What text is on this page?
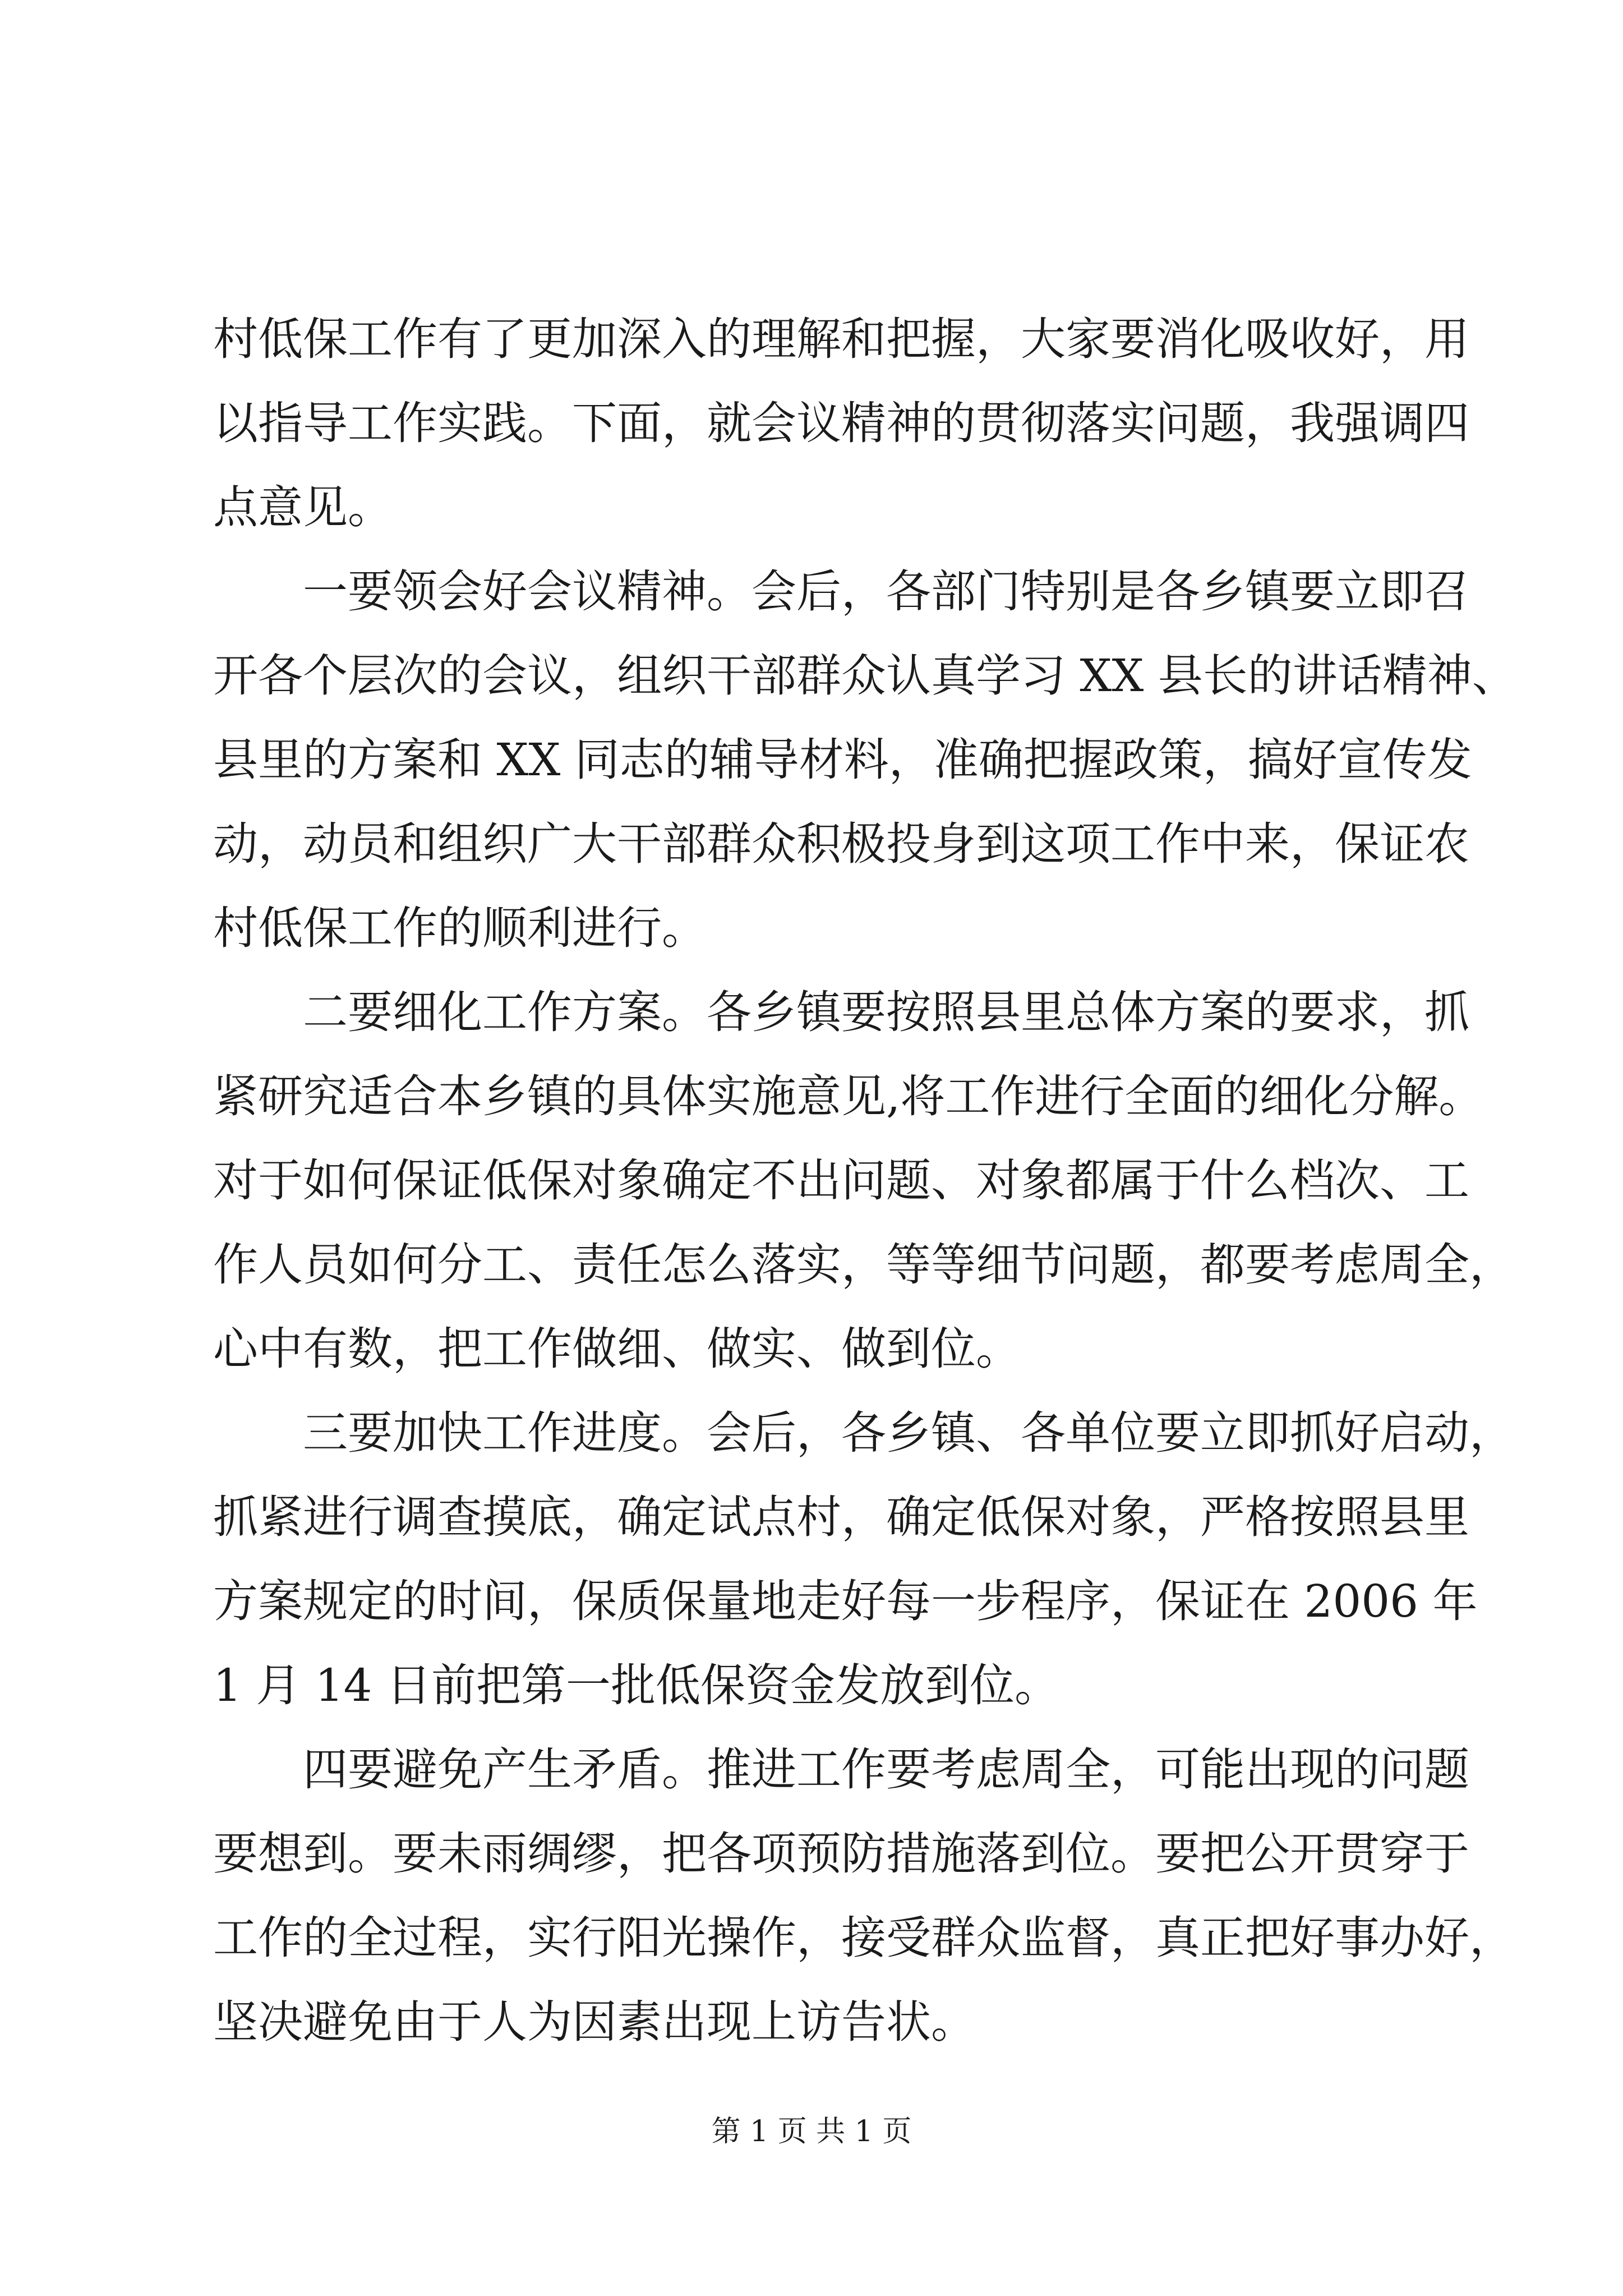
村低保工作有了更加深入的理解和把握，大家要消化吸收好，用
以指导工作实践。下面，就会议精神的贯彻落实问题，我强调四
点意见。
一要领会好会议精神。会后，各部门特别是各乡镇要立即召
开各个层次的会议，组织干部群众认真学习 XX 县长的讲话精神、
县里的方案和 XX 同志的辅导材料，准确把握政策，搞好宣传发
动，动员和组织广大干部群众积极投身到这项工作中来，保证农
村低保工作的顺利进行。
二要细化工作方案。各乡镇要按照县里总体方案的要求，抓
紧研究适合本乡镇的具体实施意见,将工作进行全面的细化分解。
对于如何保证低保对象确定不出问题、对象都属于什么档次、工
作人员如何分工、责任怎么落实，等等细节问题，都要考虑周全，
心中有数，把工作做细、做实、做到位。
三要加快工作进度。会后，各乡镇、各单位要立即抓好启动，
抓紧进行调查摸底，确定试点村，确定低保对象，严格按照县里
方案规定的时间，保质保量地走好每一步程序，保证在 2006 年
1 月 14 日前把第一批低保资金发放到位。
四要避免产生矛盾。推进工作要考虑周全，可能出现的问题
要想到。要未雨绸缪，把各项预防措施落到位。要把公开贯穿于
工作的全过程，实行阳光操作，接受群众监督，真正把好事办好，
坚决避免由于人为因素出现上访告状。
第 1 页 共 1 页
